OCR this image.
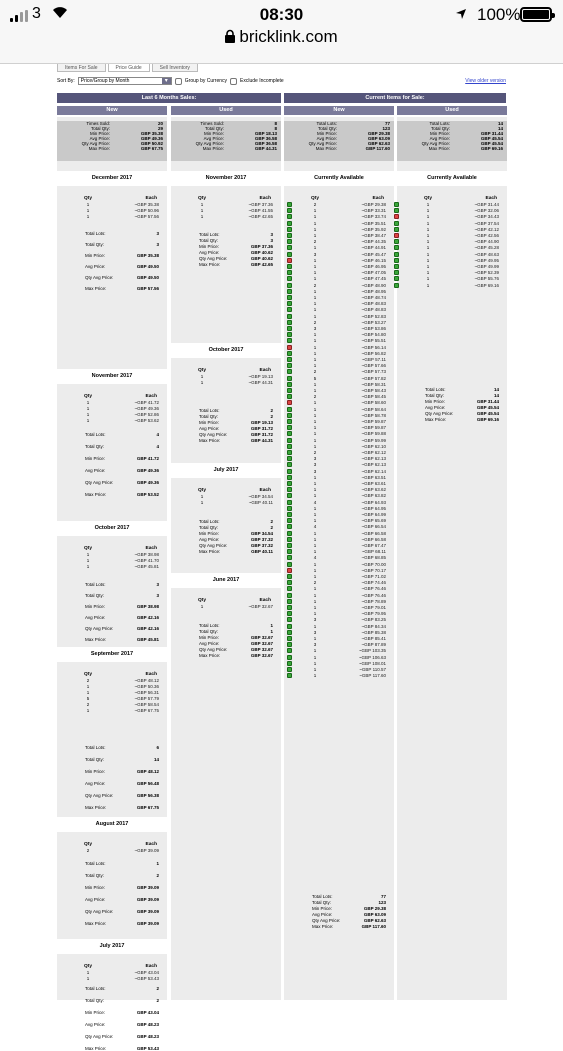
3	08:30	100%
bricklink.com
Items For Sale	Price Guide	Sell Inventory
Sort By:	Price/Group by Month ▾	Group by Currency	Exclude Incomplete	View older version
Last 6 Months Sales:	Current Items for Sale:
New	Used	New	Used
Times Sold:	20
Total Qty:	29
Min Price:	GBP 35.38
Avg Price:	GBP 49.36
Qty Avg Price:	GBP 50.92
Max Price:	GBP 67.75
December 2017
Qty	Each
1	~GBP 35.38
1	~GBP 50.96
1	~GBP 57.56
Total Lots:	3
Total Qty:	3
Min Price:	GBP 35.38
Avg Price:	GBP 49.50
Qty Avg Price:	GBP 49.50
Max Price:	GBP 57.56
November 2017
Qty	Each
1	~GBP 41.72
1	~GBP 49.36
1	~GBP 52.86
1	~GBP 53.62
Total Lots:	4
Total Qty:	4
Min Price:	GBP 41.72
Avg Price:	GBP 49.36
Qty Avg Price:	GBP 49.36
Max Price:	GBP 53.52
October 2017
Qty	Each
1	~GBP 38.98
1	~GBP 41.70
1	~GBP 45.81
Total Lots:	3
Total Qty:	3
Min Price:	GBP 38.98
Avg Price:	GBP 42.16
Qty Avg Price:	GBP 42.16
Max Price:	GBP 45.81
September 2017
Qty	Each
2	~GBP 48.12
1	~GBP 50.36
1	~GBP 56.31
5	~GBP 57.79
2	~GBP 58.54
1	~GBP 67.75
Total Lots:	6
Total Qty:	14
Min Price:	GBP 48.12
Avg Price:	GBP 56.48
Qty Avg Price:	GBP 56.38
Max Price:	GBP 67.75
August 2017
Qty	Each
2	~GBP 39.09
Total Lots:	1
Total Qty:	2
Min Price:	GBP 39.09
Avg Price:	GBP 39.09
Qty Avg Price:	GBP 39.09
Max Price:	GBP 39.09
July 2017
Qty	Each
1	~GBP 43.04
1	~GBP 53.43
Total Lots:	2
Total Qty:	2
Min Price:	GBP 43.04
Avg Price:	GBP 48.23
Qty Avg Price:	GBP 48.23
Max Price:	GBP 53.43
Times Sold:	8
Total Qty:	8
Min Price:	GBP 18.13
Avg Price:	GBP 36.58
Qty Avg Price:	GBP 36.58
Max Price:	GBP 44.31
November 2017
Qty	Each
1	~GBP 37.36
1	~GBP 41.55
1	~GBP 42.65
Total Lots:	3
Total Qty:	3
Min Price:	GBP 37.36
Avg Price:	GBP 40.62
Qty Avg Price:	GBP 40.62
Max Price:	GBP 42.65
October 2017
Qty	Each
1	~GBP 19.13
1	~GBP 44.31
Total Lots:	2
Total Qty:	2
Min Price:	GBP 19.13
Avg Price:	GBP 31.72
Qty Avg Price:	GBP 31.72
Max Price:	GBP 44.31
July 2017
Qty	Each
1	~GBP 34.54
1	~GBP 40.11
Total Lots:	2
Total Qty:	2
Min Price:	GBP 34.54
Avg Price:	GBP 37.32
Qty Avg Price:	GBP 37.32
Max Price:	GBP 40.11
June 2017
Qty	Each
1	~GBP 32.67
Total Lots:	1
Total Qty:	1
Min Price:	GBP 32.67
Avg Price:	GBP 32.67
Qty Avg Price:	GBP 32.67
Max Price:	GBP 32.67
Total Lots:	77
Total Qty:	123
Min Price:	GBP 29.38
Avg Price:	GBP 63.09
Qty Avg Price:	GBP 62.63
Max Price:	GBP 117.60
Currently Available
Qty	Each
2	~GBP 29.38
1	~GBP 33.31
1	~GBP 33.74
1	~GBP 35.51
1	~GBP 35.92
1	~GBP 38.47
2	~GBP 44.35
1	~GBP 44.91
3	~GBP 45.47
1	~GBP 46.15
1	~GBP 46.95
1	~GBP 47.05
1	~GBP 47.45
2	~GBP 48.90
1	~GBP 48.95
1	~GBP 48.74
1	~GBP 48.83
1	~GBP 48.83
1	~GBP 52.83
2	~GBP 53.27
3	~GBP 53.86
1	~GBP 54.80
1	~GBP 55.51
1	~GBP 56.14
1	~GBP 56.82
1	~GBP 57.11
1	~GBP 57.66
2	~GBP 57.73
5	~GBP 57.82
1	~GBP 58.31
1	~GBP 58.43
2	~GBP 58.45
1	~GBP 58.60
1	~GBP 58.64
1	~GBP 58.78
1	~GBP 59.87
1	~GBP 59.87
1	~GBP 59.88
1	~GBP 59.99
1	~GBP 62.10
2	~GBP 62.12
3	~GBP 62.13
3	~GBP 62.13
3	~GBP 62.14
1	~GBP 63.51
1	~GBP 63.61
1	~GBP 63.62
1	~GBP 63.82
4	~GBP 64.93
1	~GBP 64.95
1	~GBP 64.99
1	~GBP 65.69
4	~GBP 66.54
1	~GBP 66.58
1	~GBP 66.58
1	~GBP 67.47
1	~GBP 68.11
4	~GBP 68.85
1	~GBP 70.00
1	~GBP 70.17
1	~GBP 71.02
2	~GBP 74.46
1	~GBP 76.46
1	~GBP 76.46
1	~GBP 78.89
1	~GBP 79.01
1	~GBP 79.95
3	~GBP 83.25
1	~GBP 84.34
3	~GBP 85.38
1	~GBP 85.41
3	~GBP 87.89
1	~GBP 103.35
1	~GBP 106.63
1	~GBP 108.01
1	~GBP 110.57
1	~GBP 117.60
Total Lots:	77
Total Qty:	123
Min Price:	GBP 29.38
Avg Price:	GBP 63.09
Qty Avg Price:	GBP 62.63
Max Price:	GBP 117.60
Total Lots:	14
Total Qty:	14
Min Price:	GBP 31.44
Avg Price:	GBP 45.54
Qty Avg Price:	GBP 45.54
Max Price:	GBP 69.16
Currently Available
Qty	Each
1	~GBP 31.44
1	~GBP 32.06
1	~GBP 34.43
1	~GBP 37.54
1	~GBP 42.12
1	~GBP 42.56
1	~GBP 44.90
1	~GBP 45.28
1	~GBP 48.63
1	~GBP 49.95
1	~GBP 49.99
1	~GBP 52.39
1	~GBP 55.76
1	~GBP 69.16
Total Lots:	14
Total Qty:	14
Min Price:	GBP 31.44
Avg Price:	GBP 45.54
Qty Avg Price:	GBP 45.54
Max Price:	GBP 69.16
